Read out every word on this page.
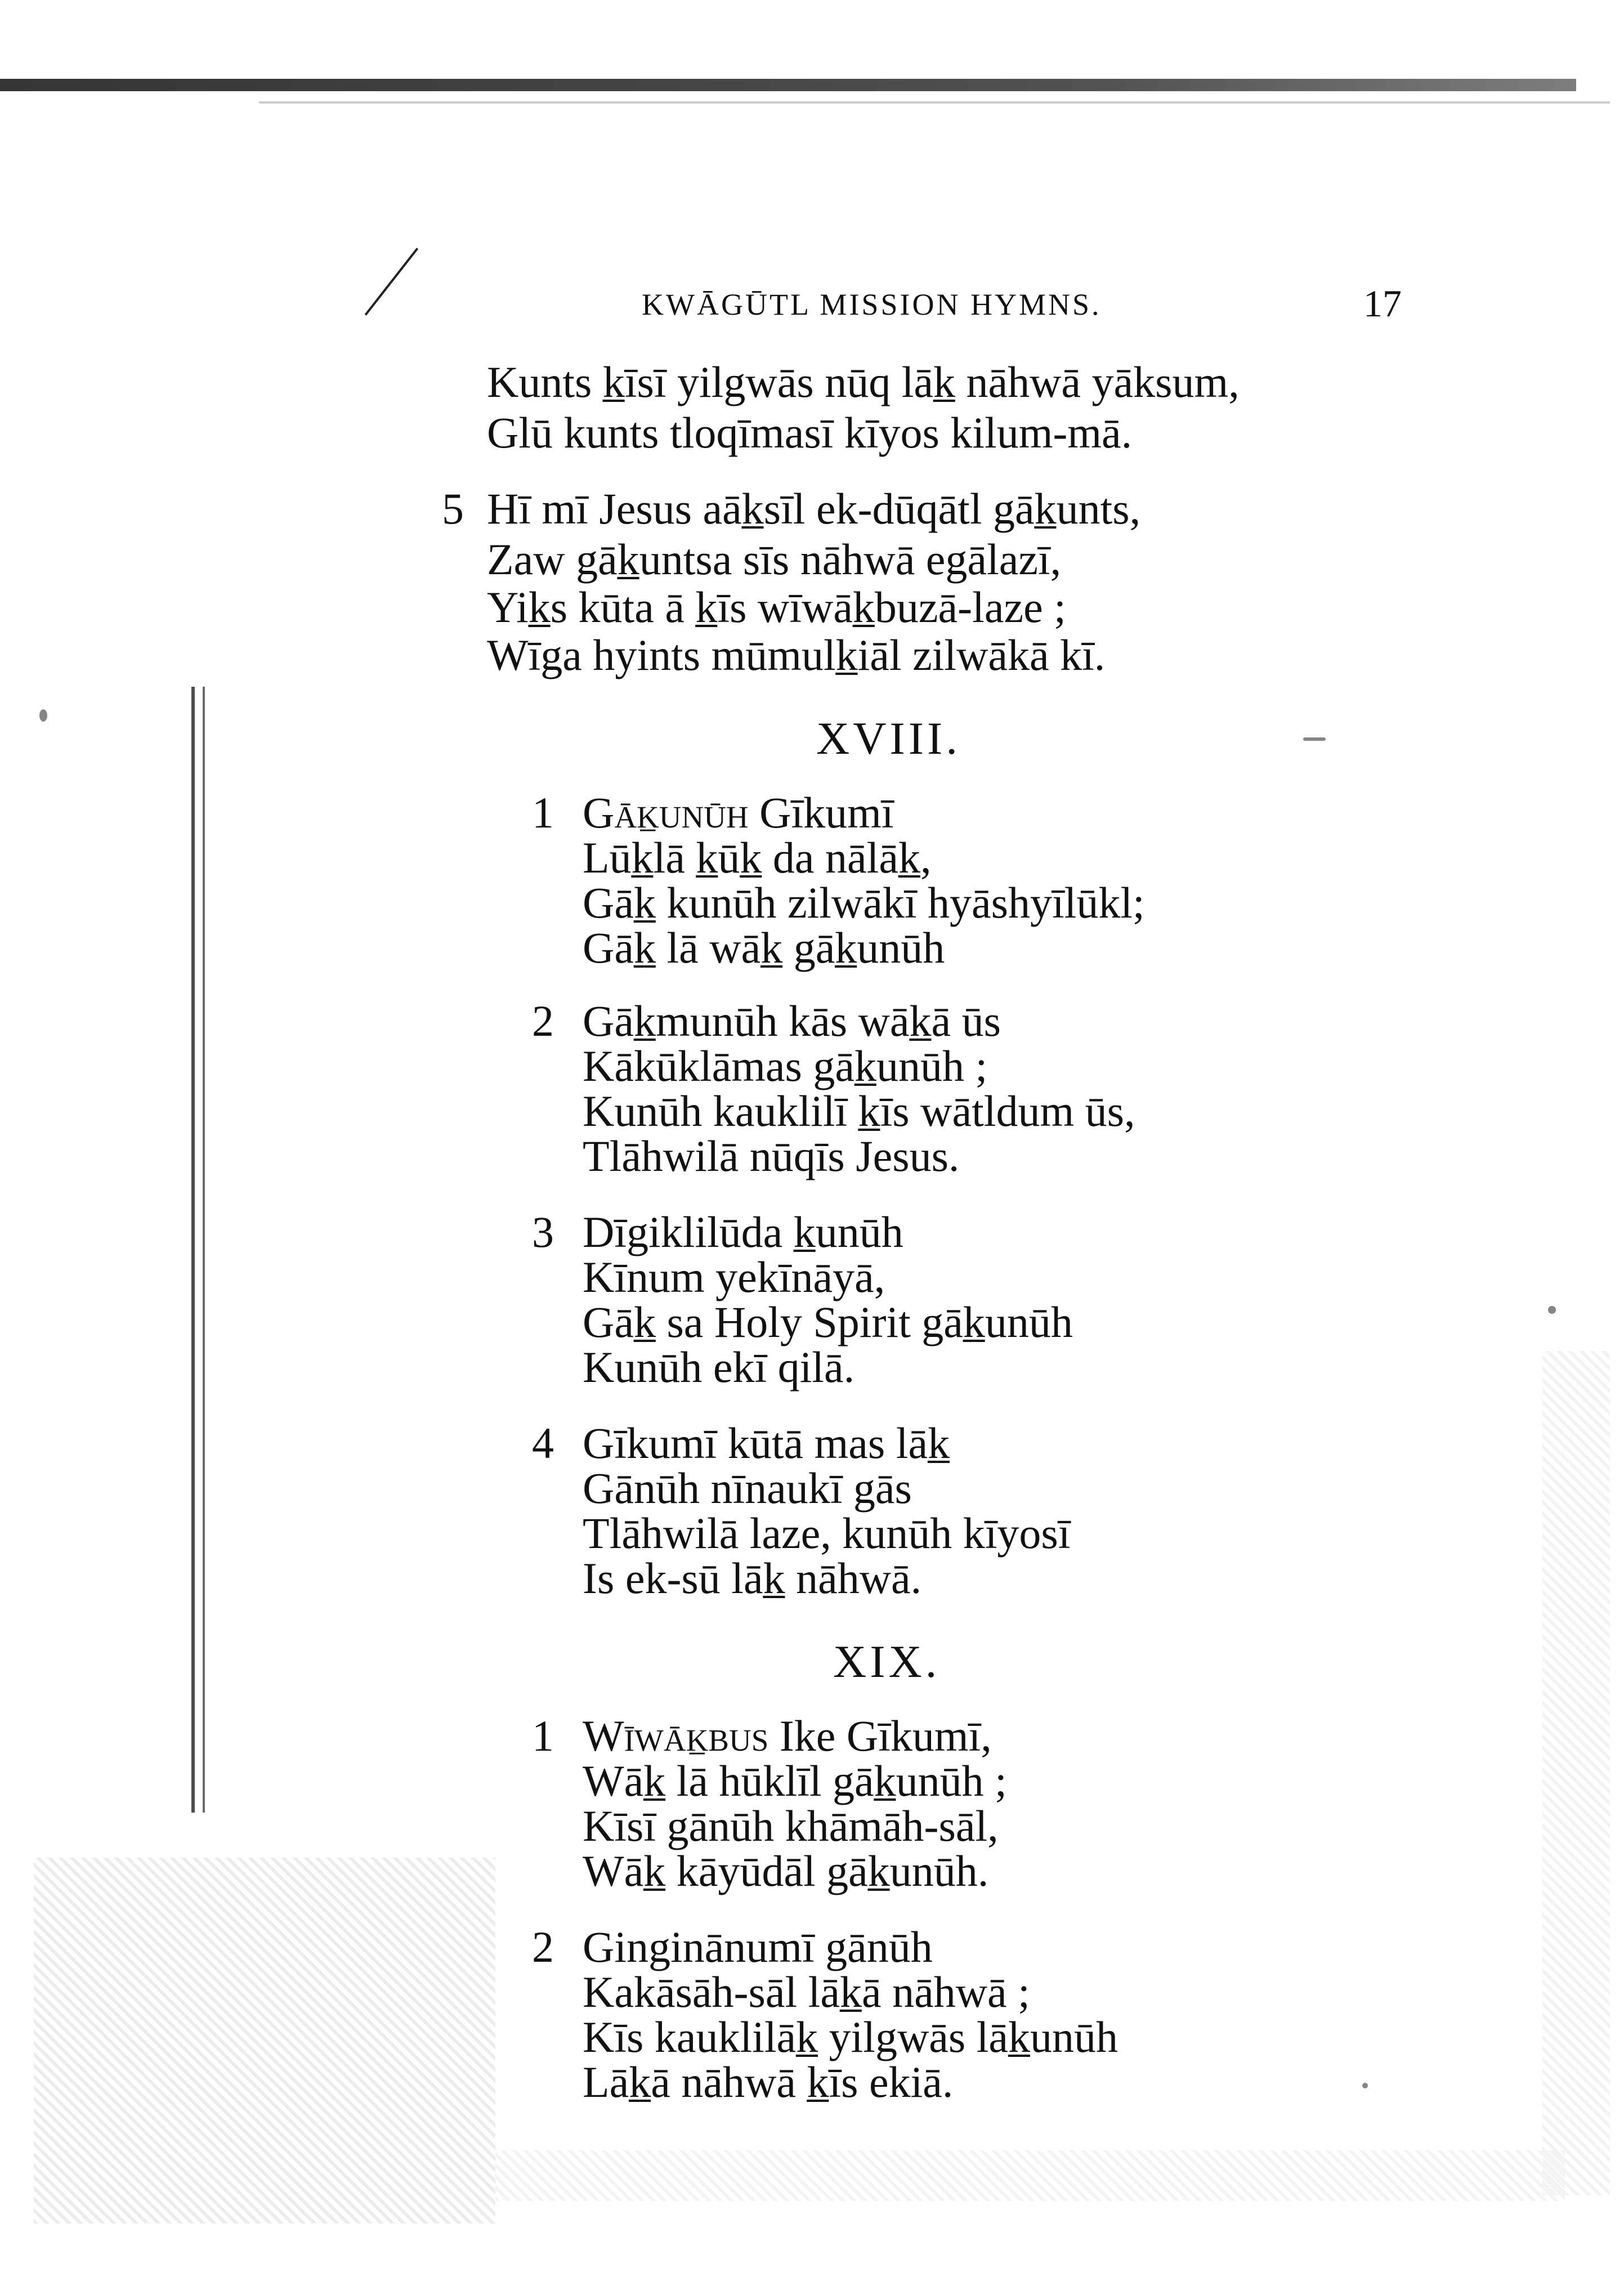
KWĀGŪTL MISSION HYMNS.	17
Kunts k̲īsī yilgwās nūq lāk̲ nāhwā yāksum,
Glū kunts tloqīmasī kīyos kilum-mā.
5 Hī mī Jesus aāk̲sīl ek-dūqātl gāk̲unts,
Zaw gāk̲untsa sīs nāhwā egālazī,
Yik̲s kūta ā k̲īs wīwāk̲buzā-laze ;
Wīga hyints mūmulk̲iāl zilwākā kī.
XVIII.
1 Gāk̲unūh Gīkumī
Lūk̲lā k̲ūk̲ da nālāk̲,
Gāk̲ kunūh zilwākī hyāshyīlūkl;
Gāk̲ lā wāk̲ gāk̲unūh
2 Gāk̲munūh kās wāk̲ā ūs
Kākūklāmas gāk̲unūh ;
Kunūh kauklilī k̲īs wātldum ūs,
Tlāhwilā nūqīs Jesus.
3 Dīgiklilūda k̲unūh
Kīnum yekīnāyā,
Gāk̲ sa Holy Spirit gāk̲unūh
Kunūh ekī qilā.
4 Gīkumī kūtā mas lāk̲
Gānūh nīnaukī gās
Tlāhwilā laze, kunūh kīyosī
Is ek-sū lāk̲ nāhwā.
XIX.
1 Wīwāk̲bus Ike Gīkumī,
Wāk̲ lā hūklīl gāk̲unūh ;
Kīsī gānūh khāmāh-sāl,
Wāk̲ kāyūdāl gāk̲unūh.
2 Ginginānumī gānūh
Kakāsāh-sāl lāk̲ā nāhwā ;
Kīs kauklilāk̲ yilgwās lāk̲unūh
Lāk̲ā nāhwā k̲īs ekiā.
